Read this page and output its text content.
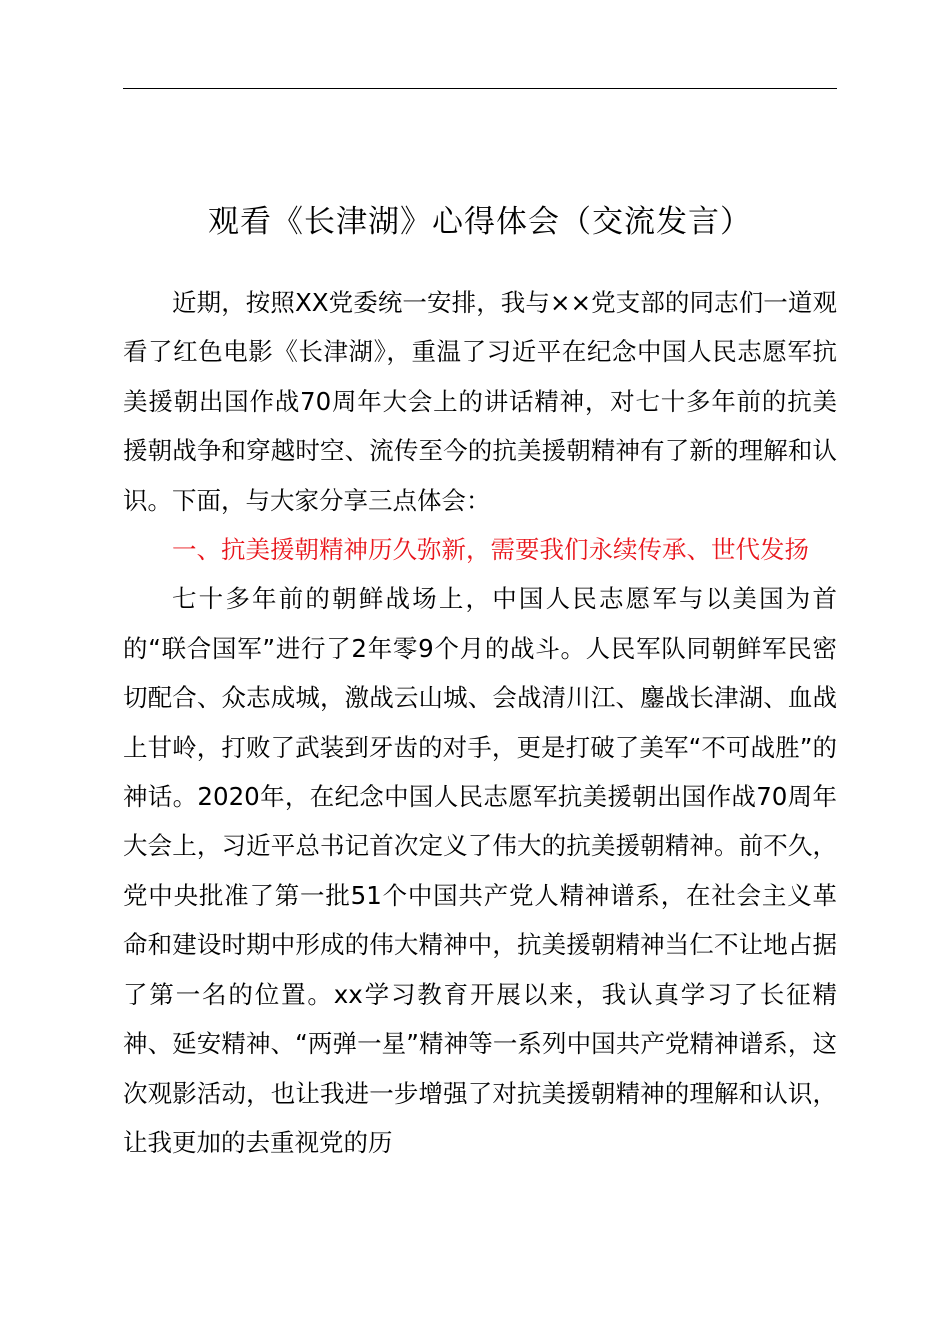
观看《长津湖》心得体会（交流发言）

近期，按照XX党委统一安排，我与××党支部的同志们一道观看了红色电影《长津湖》，重温了习近平在纪念中国人民志愿军抗美援朝出国作战70周年大会上的讲话精神，对七十多年前的抗美援朝战争和穿越时空、流传至今的抗美援朝精神有了新的理解和认识。下面，与大家分享三点体会：

一、抗美援朝精神历久弥新，需要我们永续传承、世代发扬

七十多年前的朝鲜战场上，中国人民志愿军与以美国为首的“联合国军”进行了2年零9个月的战斗。人民军队同朝鲜军民密切配合、众志成城，激战云山城、会战清川江、鏖战长津湖、血战上甘岭，打败了武装到牙齿的对手，更是打破了美军“不可战胜”的神话。2020年，在纪念中国人民志愿军抗美援朝出国作战70周年大会上，习近平总书记首次定义了伟大的抗美援朝精神。前不久，党中央批准了第一批51个中国共产党人精神谱系，在社会主义革命和建设时期中形成的伟大精神中，抗美援朝精神当仁不让地占据了第一名的位置。xx学习教育开展以来，我认真学习了长征精神、延安精神、“两弹一星”精神等一系列中国共产党精神谱系，这次观影活动，也让我进一步增强了对抗美援朝精神的理解和认识，让我更加的去重视党的历
